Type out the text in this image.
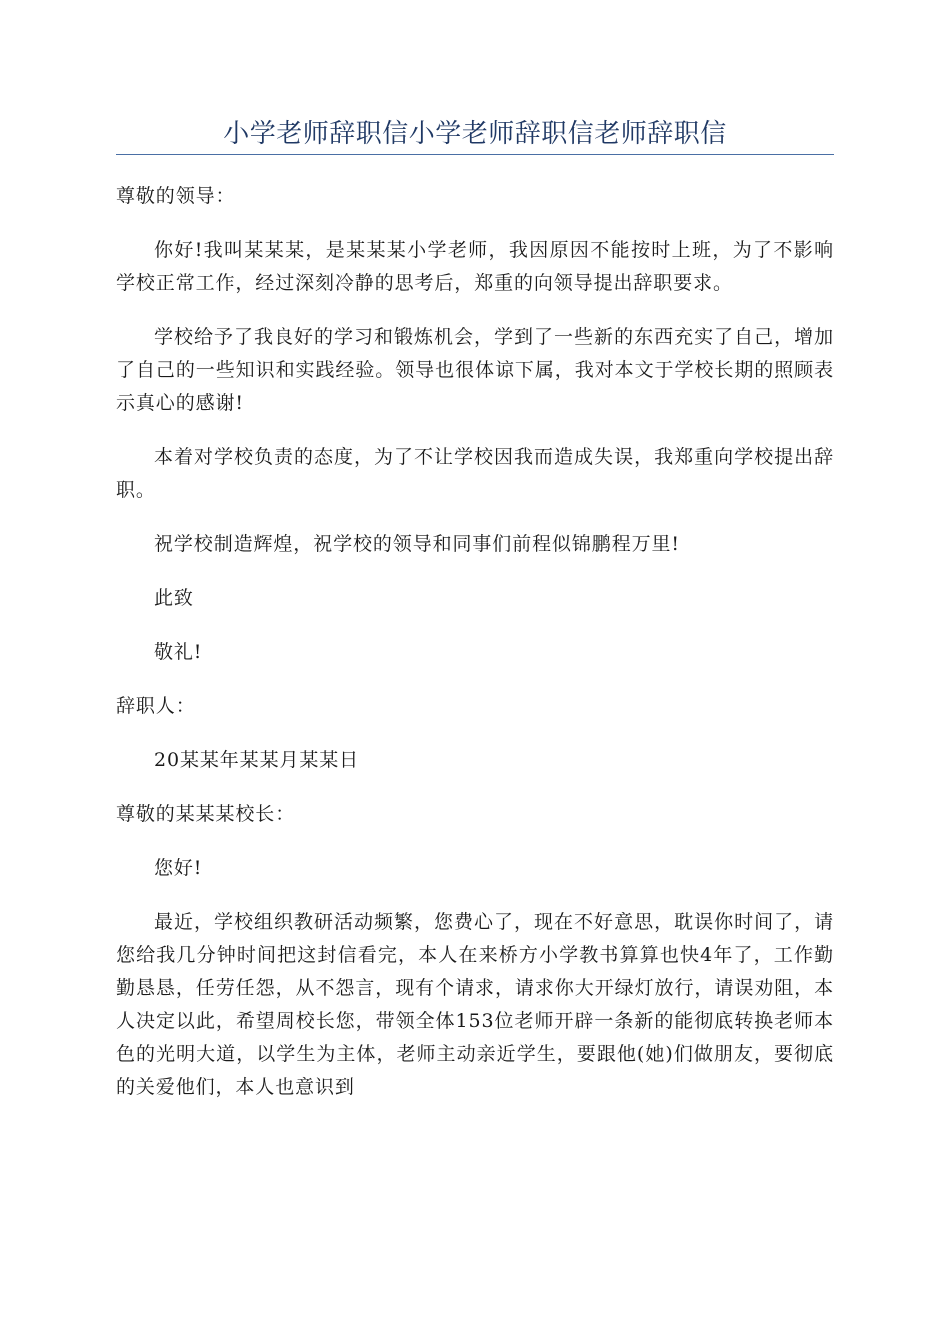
小学老师辞职信小学老师辞职信老师辞职信

尊敬的领导：

你好!我叫某某某，是某某某小学老师，我因原因不能按时上班，为了不影响学校正常工作，经过深刻冷静的思考后，郑重的向领导提出辞职要求。

学校给予了我良好的学习和锻炼机会，学到了一些新的东西充实了自己，增加了自己的一些知识和实践经验。领导也很体谅下属，我对本文于学校长期的照顾表示真心的感谢!

本着对学校负责的态度，为了不让学校因我而造成失误，我郑重向学校提出辞职。

祝学校制造辉煌，祝学校的领导和同事们前程似锦鹏程万里!

此致

敬礼!

辞职人：

20某某年某某月某某日

尊敬的某某某校长：

您好!

最近，学校组织教研活动频繁，您费心了，现在不好意思，耽误你时间了，请您给我几分钟时间把这封信看完，本人在来桥方小学教书算算也快4年了，工作勤勤恳恳，任劳任怨，从不怨言，现有个请求，请求你大开绿灯放行，请误劝阻，本人决定以此，希望周校长您，带领全体153位老师开辟一条新的能彻底转换老师本色的光明大道，以学生为主体，老师主动亲近学生，要跟他(她)们做朋友，要彻底的关爱他们，本人也意识到
